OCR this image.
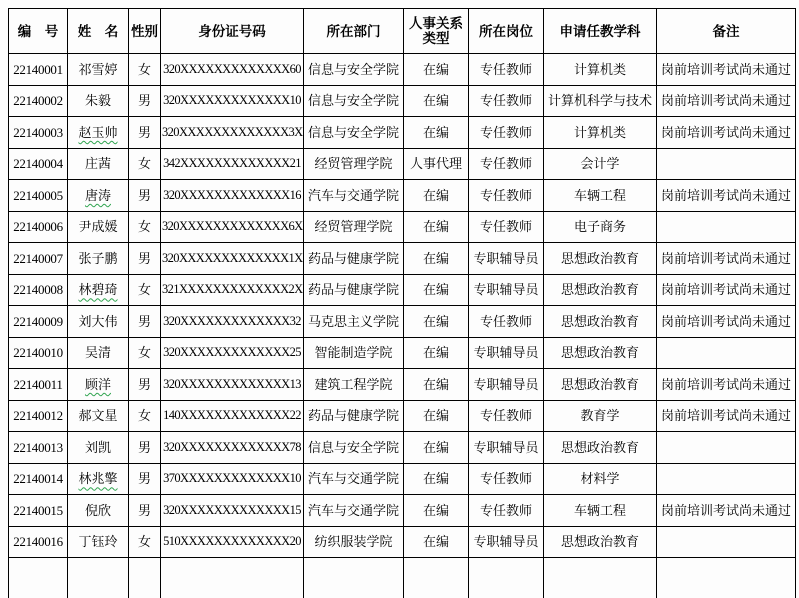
编　号	姓　名	性别	身份证号码	所在部门	人事关系类型	所在岗位	申请任教学科	备注
22140001	祁雪婷	女	320XXXXXXXXXXXXX60	信息与安全学院	在编	专任教师	计算机类	岗前培训考试尚未通过
22140002	朱毅	男	320XXXXXXXXXXXXX10	信息与安全学院	在编	专任教师	计算机科学与技术	岗前培训考试尚未通过
22140003	赵玉帅	男	320XXXXXXXXXXXXX3X	信息与安全学院	在编	专任教师	计算机类	岗前培训考试尚未通过
22140004	庄茜	女	342XXXXXXXXXXXXX21	经贸管理学院	人事代理	专任教师	会计学	
22140005	唐涛	男	320XXXXXXXXXXXXX16	汽车与交通学院	在编	专任教师	车辆工程	岗前培训考试尚未通过
22140006	尹成媛	女	320XXXXXXXXXXXXX6X	经贸管理学院	在编	专任教师	电子商务	
22140007	张子鹏	男	320XXXXXXXXXXXXX1X	药品与健康学院	在编	专职辅导员	思想政治教育	岗前培训考试尚未通过
22140008	林碧琦	女	321XXXXXXXXXXXXX2X	药品与健康学院	在编	专职辅导员	思想政治教育	岗前培训考试尚未通过
22140009	刘大伟	男	320XXXXXXXXXXXXX32	马克思主义学院	在编	专任教师	思想政治教育	岗前培训考试尚未通过
22140010	吴清	女	320XXXXXXXXXXXXX25	智能制造学院	在编	专职辅导员	思想政治教育	
22140011	顾洋	男	320XXXXXXXXXXXXX13	建筑工程学院	在编	专职辅导员	思想政治教育	岗前培训考试尚未通过
22140012	郝文星	女	140XXXXXXXXXXXXX22	药品与健康学院	在编	专任教师	教育学	岗前培训考试尚未通过
22140013	刘凯	男	320XXXXXXXXXXXXX78	信息与安全学院	在编	专职辅导员	思想政治教育	
22140014	林兆擎	男	370XXXXXXXXXXXXX10	汽车与交通学院	在编	专任教师	材料学	
22140015	倪欣	男	320XXXXXXXXXXXXX15	汽车与交通学院	在编	专任教师	车辆工程	岗前培训考试尚未通过
22140016	丁钰玲	女	510XXXXXXXXXXXXX20	纺织服装学院	在编	专职辅导员	思想政治教育	
